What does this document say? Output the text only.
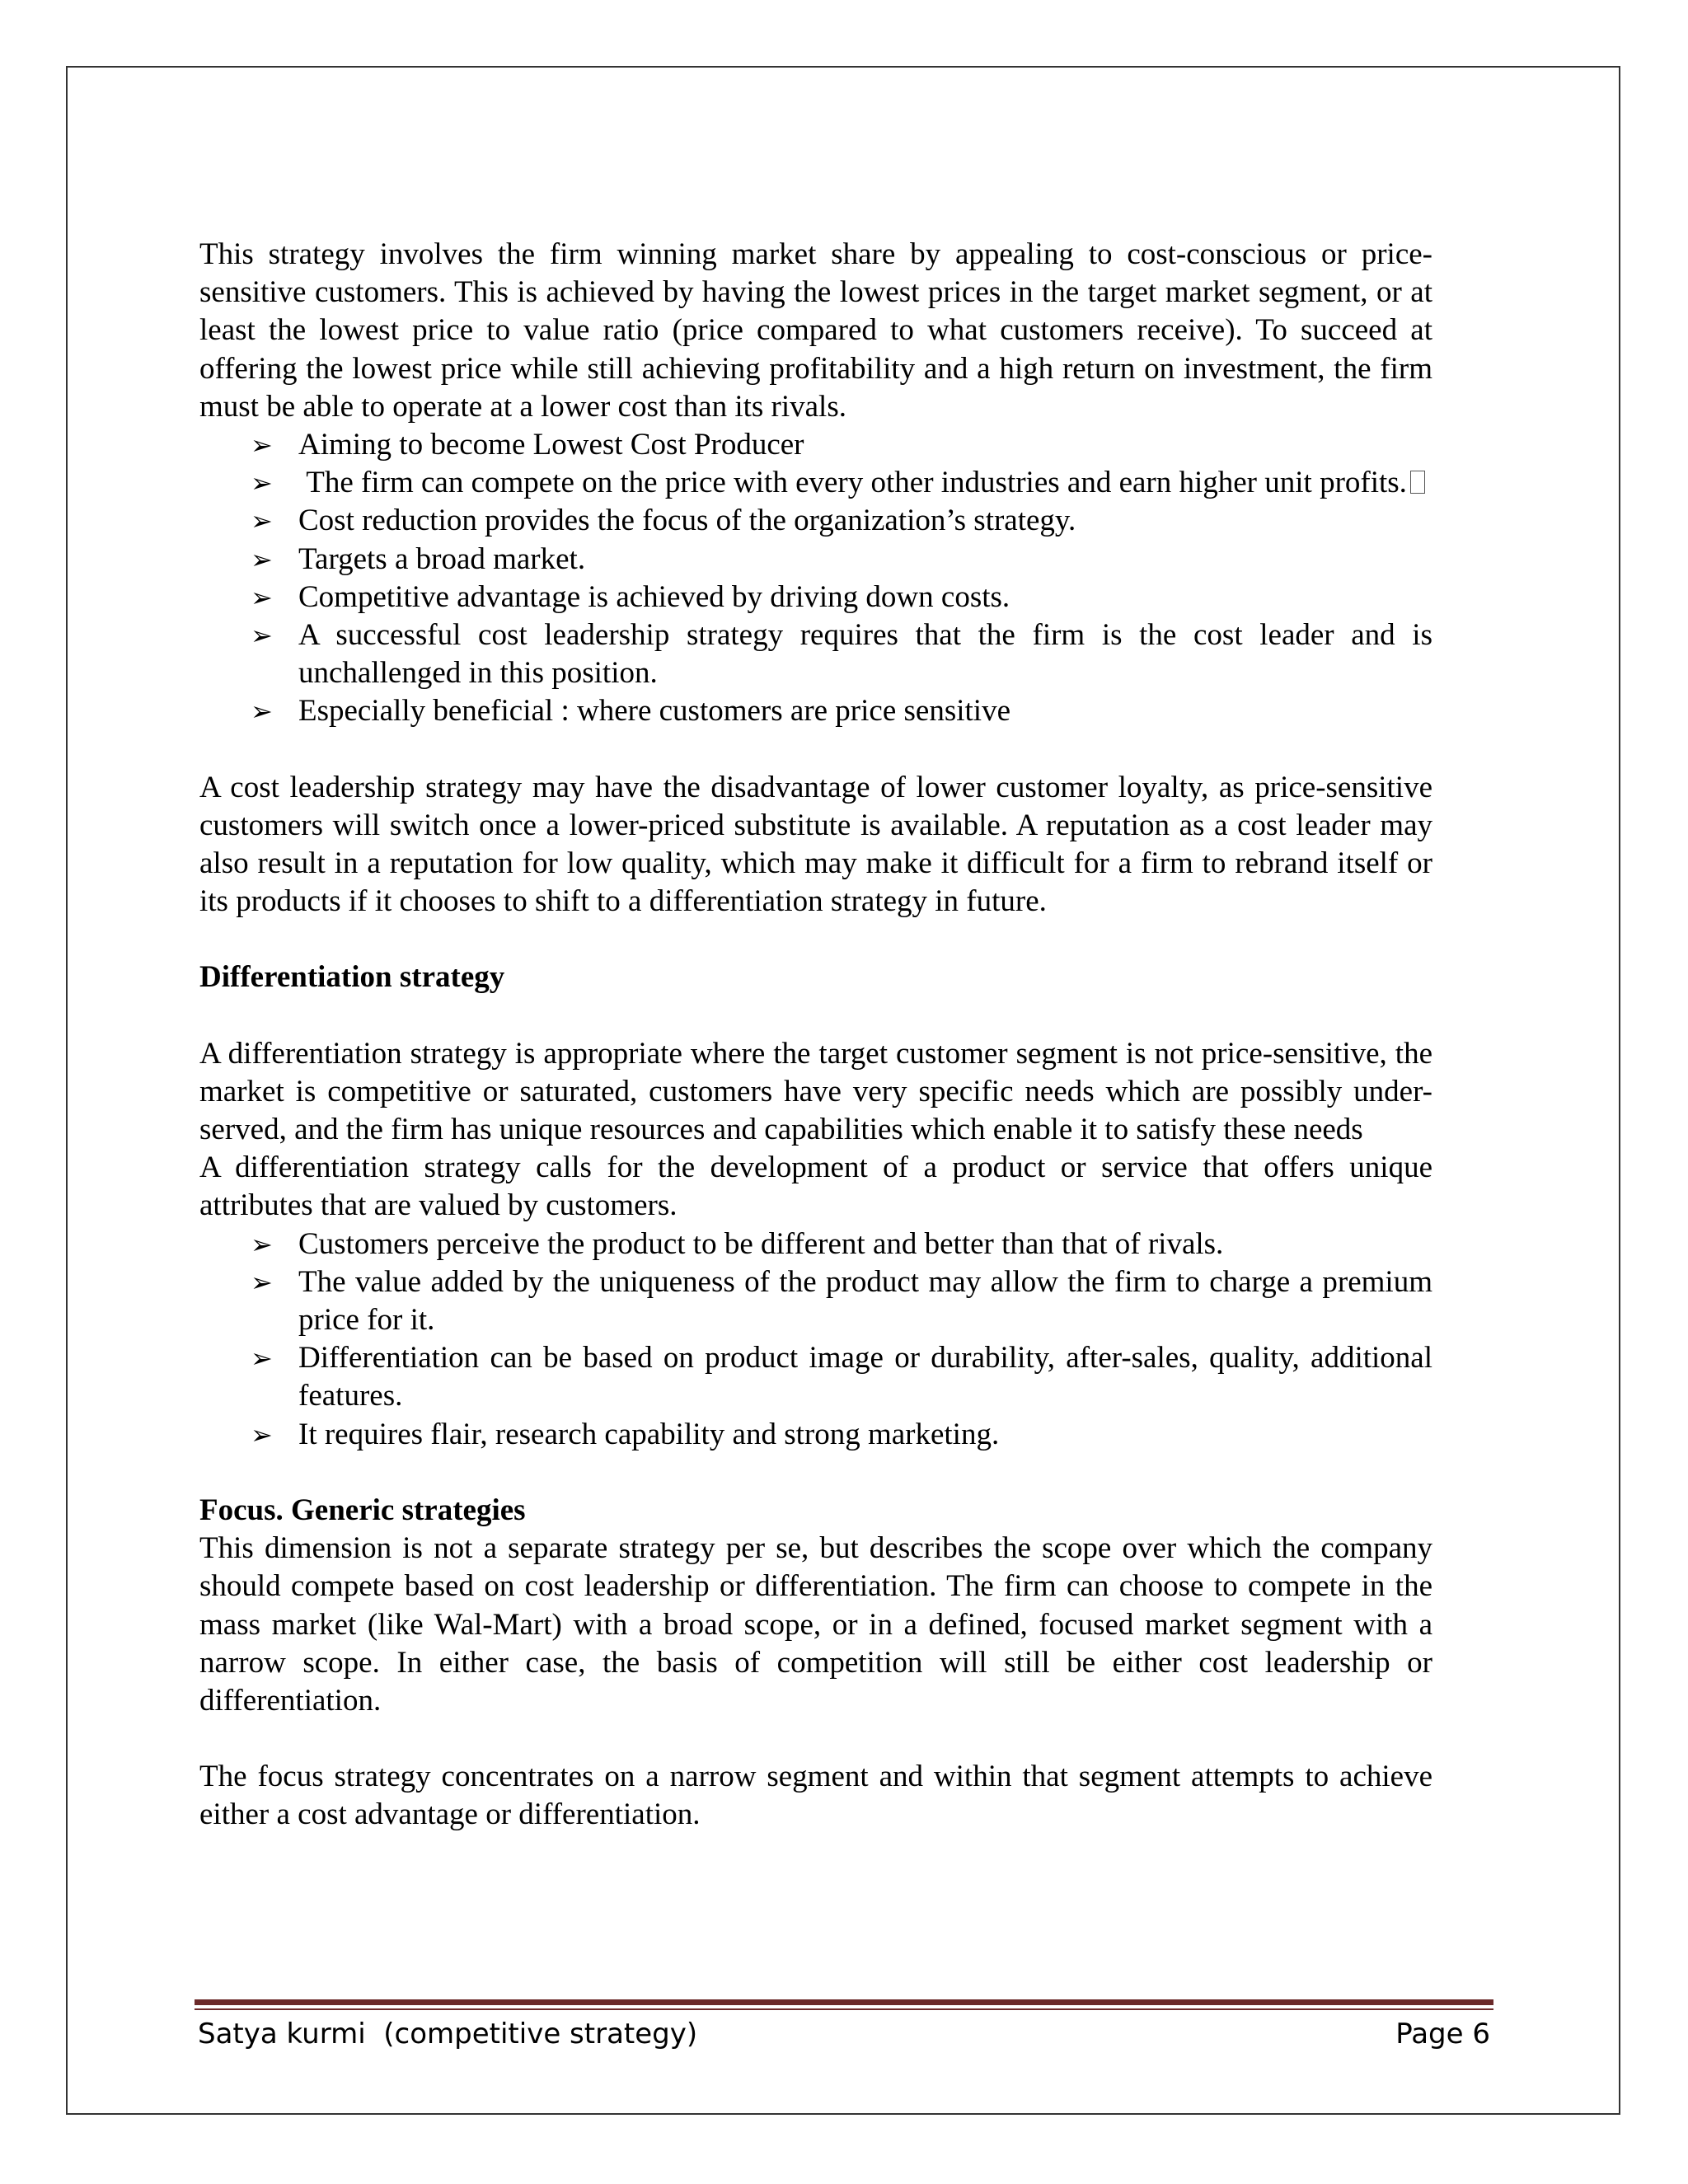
This strategy involves the firm winning market share by appealing to cost-conscious or price-sensitive customers. This is achieved by having the lowest prices in the target market segment, or at least the lowest price to value ratio (price compared to what customers receive). To succeed at offering the lowest price while still achieving profitability and a high return on investment, the firm must be able to operate at a lower cost than its rivals.

➢ Aiming to become Lowest Cost Producer
➢ The firm can compete on the price with every other industries and earn higher unit profits.
➢ Cost reduction provides the focus of the organization’s strategy.
➢ Targets a broad market.
➢ Competitive advantage is achieved by driving down costs.
➢ A successful cost leadership strategy requires that the firm is the cost leader and is unchallenged in this position.
➢ Especially beneficial : where customers are price sensitive

A cost leadership strategy may have the disadvantage of lower customer loyalty, as price-sensitive customers will switch once a lower-priced substitute is available. A reputation as a cost leader may also result in a reputation for low quality, which may make it difficult for a firm to rebrand itself or its products if it chooses to shift to a differentiation strategy in future.

Differentiation strategy

A differentiation strategy is appropriate where the target customer segment is not price-sensitive, the market is competitive or saturated, customers have very specific needs which are possibly under-served, and the firm has unique resources and capabilities which enable it to satisfy these needs

A differentiation strategy calls for the development of a product or service that offers unique attributes that are valued by customers.

➢ Customers perceive the product to be different and better than that of rivals.
➢ The value added by the uniqueness of the product may allow the firm to charge a premium price for it.
➢ Differentiation can be based on product image or durability, after-sales, quality, additional features.
➢ It requires flair, research capability and strong marketing.

Focus. Generic strategies

This dimension is not a separate strategy per se, but describes the scope over which the company should compete based on cost leadership or differentiation. The firm can choose to compete in the mass market (like Wal-Mart) with a broad scope, or in a defined, focused market segment with a narrow scope. In either case, the basis of competition will still be either cost leadership or differentiation.

The focus strategy concentrates on a narrow segment and within that segment attempts to achieve either a cost advantage or differentiation.

Satya kurmi  (competitive strategy)	Page 6
